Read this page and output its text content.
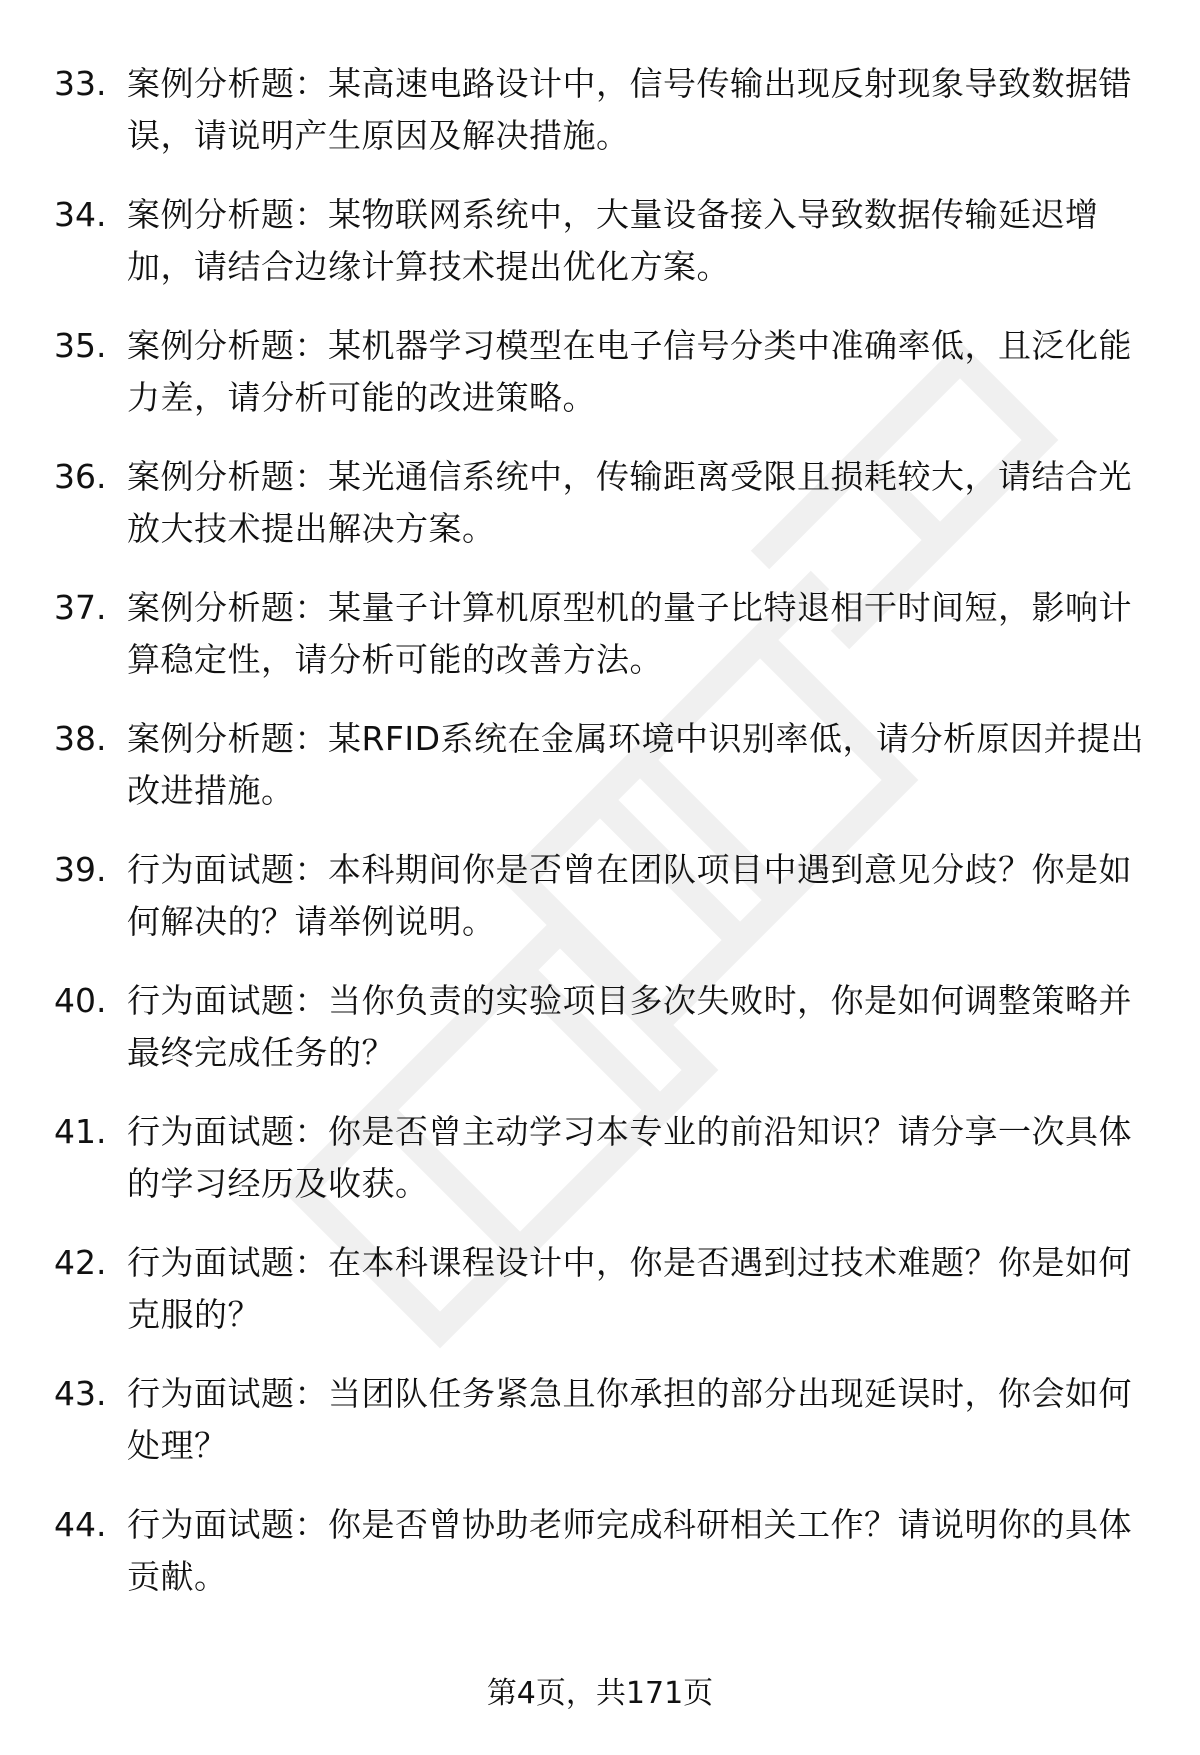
33. 案例分析题：某高速电路设计中，信号传输出现反射现象导致数据错误，请说明产生原因及解决措施。
34. 案例分析题：某物联网系统中，大量设备接入导致数据传输延迟增加，请结合边缘计算技术提出优化方案。
35. 案例分析题：某机器学习模型在电子信号分类中准确率低，且泛化能力差，请分析可能的改进策略。
36. 案例分析题：某光通信系统中，传输距离受限且损耗较大，请结合光放大技术提出解决方案。
37. 案例分析题：某量子计算机原型机的量子比特退相干时间短，影响计算稳定性，请分析可能的改善方法。
38. 案例分析题：某RFID系统在金属环境中识别率低，请分析原因并提出改进措施。
39. 行为面试题：本科期间你是否曾在团队项目中遇到意见分歧？你是如何解决的？请举例说明。
40. 行为面试题：当你负责的实验项目多次失败时，你是如何调整策略并最终完成任务的？
41. 行为面试题：你是否曾主动学习本专业的前沿知识？请分享一次具体的学习经历及收获。
42. 行为面试题：在本科课程设计中，你是否遇到过技术难题？你是如何克服的？
43. 行为面试题：当团队任务紧急且你承担的部分出现延误时，你会如何处理？
44. 行为面试题：你是否曾协助老师完成科研相关工作？请说明你的具体贡献。
第4页，共171页
